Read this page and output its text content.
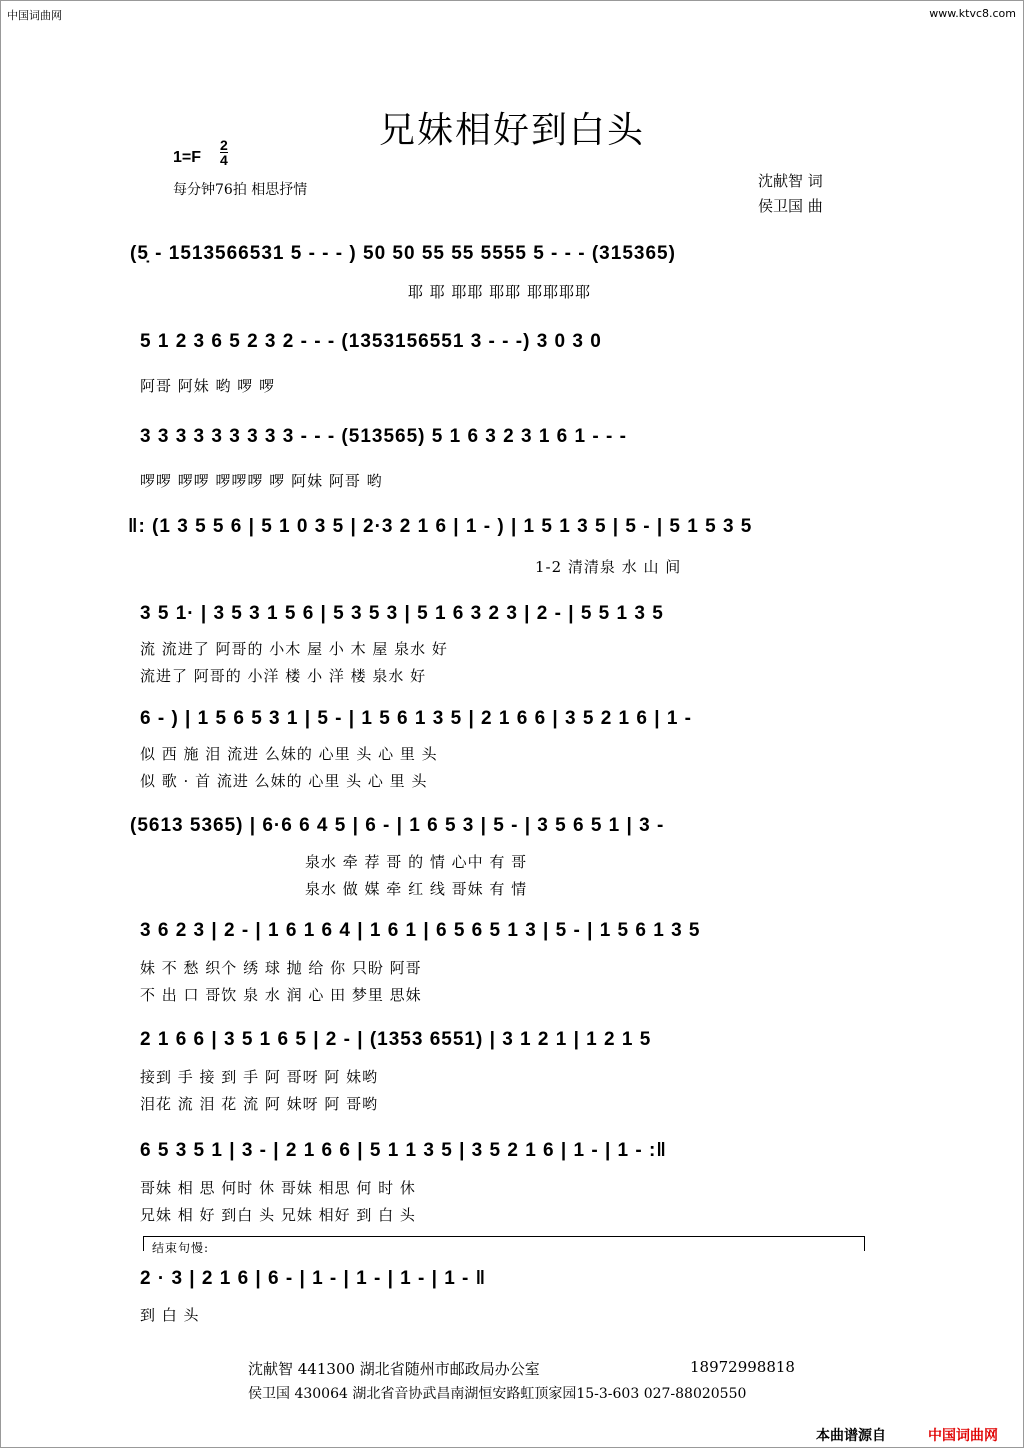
中国词曲网	www.ktvc8.com
兄妹相好到白头
$1=F \frac{2}{4}$
每分钟76拍 相思抒情	沈献智 词
侯卫国 曲
(5̣ - 1513566531 5 - - - ) 50 50 55 55 5555 5 - - - (315365)
耶 耶 耶耶 耶耶 耶耶耶耶
5 1 2 3 6 5 2 3 2 - - - (1353156551 3 - - -) 3 0 3 0
阿哥 阿妹 哟 啰 啰
3 3 3 3 3 3 3 3 3 - - - (513565) 5 1 6 3 2 3 1 6 1 - - -
啰啰 啰啰 啰啰啰 啰 阿妹 阿哥 哟
‖: (1 3 5 5 6 | 5 1 0 3 5 | 2·3 2 1 6 | 1 - ) | 1 5 1 3 5 | 5 - | 5 1 5 3 5
1-2 清清泉 水 山 间
3 5 1· | 3 5 3 1 5 6 | 5 3 5 3 | 5 1 6 3 2 3 | 2 - | 5 5 1 3 5
流 流进了 阿哥的 小木 屋 小 木 屋 泉水 好
流进了 阿哥的 小洋 楼 小 洋 楼 泉水 好
6 - ) | 1 5 6 5 3 1 | 5 - | 1 5 6 1 3 5 | 2 1 6 6 | 3 5 2 1 6 | 1 -
似 西 施 泪 流进 么妹的 心里 头 心 里 头
似 歌 · 首 流进 么妹的 心里 头 心 里 头
(5613 5365) | 6·6 6 4 5 | 6 - | 1 6 5 3 | 5 - | 3 5 6 5 1 | 3 -
泉水 牵 荐 哥 的 情 心中 有 哥
泉水 做 媒 牵 红 线 哥妹 有 情
3 6 2 3 | 2 - | 1 6 1 6 4 | 1 6 1 | 6 5 6 5 1 3 | 5 - | 1 5 6 1 3 5
妹 不 愁 织个 绣 球 抛 给 你 只盼 阿哥
不 出 口 哥饮 泉 水 润 心 田 梦里 思妹
2 1 6 6 | 3 5 1 6 5 | 2 - | (1353 6551) | 3 1 2 1 | 1 2 1 5
接到 手 接 到 手 阿 哥呀 阿 妹哟
泪花 流 泪 花 流 阿 妹呀 阿 哥哟
6 5 3 5 1 | 3 - | 2 1 6 6 | 5 1 1 3 5 | 3 5 2 1 6 | 1 - | 1 - :‖
哥妹 相 思 何时 休 哥妹 相思 何 时 休
兄妹 相 好 到白 头 兄妹 相好 到 白 头
结束句慢:
2 · 3 | 2 1 6 | 6 - | 1 - | 1 - | 1 - | 1 - ‖
到 白 头
沈献智 441300 湖北省随州市邮政局办公室	18972998818
侯卫国 430064 湖北省音协武昌南湖恒安路虹顶家园15-3-603 027-88020550
本曲谱源自	中国词曲网
